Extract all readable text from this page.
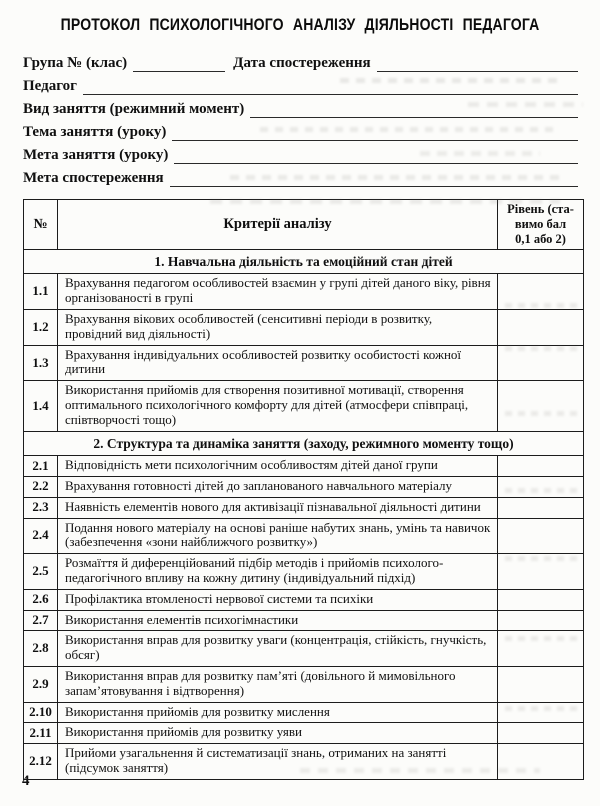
ПРОТОКОЛ ПСИХОЛОГІЧНОГО АНАЛІЗУ ДІЯЛЬНОСТІ ПЕДАГОГА
Група № (клас)	Дата спостереження
Педагог
Вид заняття (режимний момент)
Тема заняття (уроку)
Мета заняття (уроку)
Мета спостереження
№	Критерії аналізу	Рівень (ста-
вимо бал
0,1 або 2)

1. Навчальна діяльність та емоційний стан дітей		
1.1	Врахування педагогом особливостей взаємин у групі дітей даного віку, рівня організованості в групі	
1.2	Врахування вікових особливостей (сенситивні періоди в розвитку, провідний вид діяльності)	
1.3	Врахування індивідуальних особливостей розвитку особистості кожної дитини	
1.4	Використання прийомів для створення позитивної мотивації, створення оптимального психологічного комфорту для дітей (атмосфери співпраці, співтворчості тощо)	
2. Структура та динаміка заняття (заходу, режимного моменту тощо)		
2.1	Відповідність мети психологічним особливостям дітей даної групи	
2.2	Врахування готовності дітей до запланованого навчального матеріалу	
2.3	Наявність елементів нового для активізації пізнавальної діяльності дитини	
2.4	Подання нового матеріалу на основі раніше набутих знань, умінь та навичок (забезпечення «зони найближчого розвитку»)	
2.5	Розмаїття й диференційований підбір методів і прийомів психолого-педагогічного впливу на кожну дитину (індивідуальний підхід)	
2.6	Профілактика втомленості нервової системи та психіки	
2.7	Використання елементів психогімнастики	
2.8	Використання вправ для розвитку уваги (концентрація, стійкість, гнучкість, обсяг)	
2.9	Використання вправ для розвитку пам’яті (довільного й мимовільного запам’ятовування і відтворення)	
2.10	Використання прийомів для розвитку мислення	
2.11	Використання прийомів для розвитку уяви	
2.12	Прийоми узагальнення й систематизації знань, отриманих на занятті (підсумок заняття)	
4
